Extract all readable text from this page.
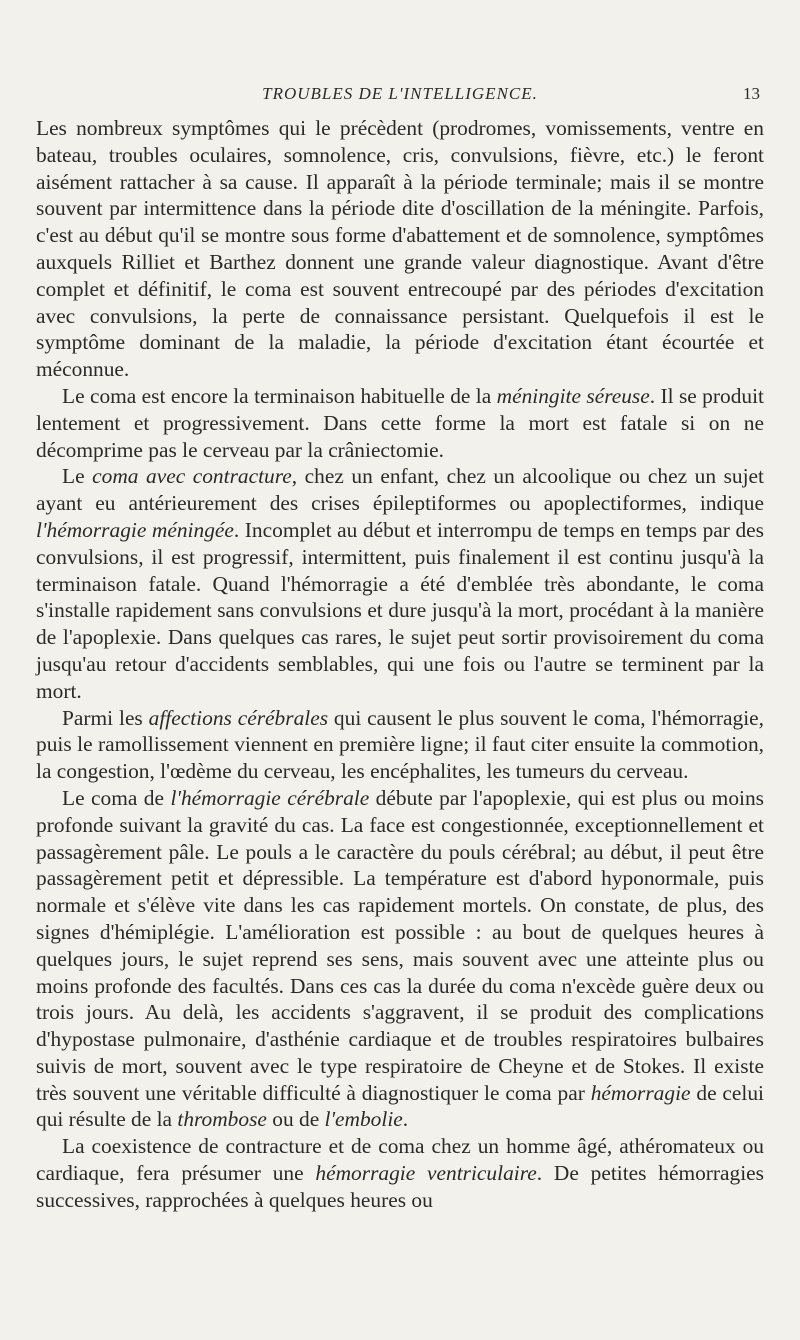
TROUBLES DE L'INTELLIGENCE.	13

Les nombreux symptômes qui le précèdent (prodromes, vomissements, ventre en bateau, troubles oculaires, somnolence, cris, convulsions, fièvre, etc.) le feront aisément rattacher à sa cause. Il apparaît à la période terminale; mais il se montre souvent par intermittence dans la période dite d'oscillation de la méningite. Parfois, c'est au début qu'il se montre sous forme d'abattement et de somnolence, symptômes auxquels Rilliet et Barthez donnent une grande valeur diagnostique. Avant d'être complet et définitif, le coma est souvent entrecoupé par des périodes d'excitation avec convulsions, la perte de connaissance persistant. Quelquefois il est le symptôme dominant de la maladie, la période d'excitation étant écourtée et méconnue.

Le coma est encore la terminaison habituelle de la méningite séreuse. Il se produit lentement et progressivement. Dans cette forme la mort est fatale si on ne décomprime pas le cerveau par la crâniectomie.

Le coma avec contracture, chez un enfant, chez un alcoolique ou chez un sujet ayant eu antérieurement des crises épileptiformes ou apoplectiformes, indique l'hémorragie méningée. Incomplet au début et interrompu de temps en temps par des convulsions, il est progressif, intermittent, puis finalement il est continu jusqu'à la terminaison fatale. Quand l'hémorragie a été d'emblée très abondante, le coma s'installe rapidement sans convulsions et dure jusqu'à la mort, procédant à la manière de l'apoplexie. Dans quelques cas rares, le sujet peut sortir provisoirement du coma jusqu'au retour d'accidents semblables, qui une fois ou l'autre se terminent par la mort.

Parmi les affections cérébrales qui causent le plus souvent le coma, l'hémorragie, puis le ramollissement viennent en première ligne; il faut citer ensuite la commotion, la congestion, l'œdème du cerveau, les encéphalites, les tumeurs du cerveau.

Le coma de l'hémorragie cérébrale débute par l'apoplexie, qui est plus ou moins profonde suivant la gravité du cas. La face est congestionnée, exceptionnellement et passagèrement pâle. Le pouls a le caractère du pouls cérébral; au début, il peut être passagèrement petit et dépressible. La température est d'abord hyponormale, puis normale et s'élève vite dans les cas rapidement mortels. On constate, de plus, des signes d'hémiplégie. L'amélioration est possible : au bout de quelques heures à quelques jours, le sujet reprend ses sens, mais souvent avec une atteinte plus ou moins profonde des facultés. Dans ces cas la durée du coma n'excède guère deux ou trois jours. Au delà, les accidents s'aggravent, il se produit des complications d'hypostase pulmonaire, d'asthénie cardiaque et de troubles respiratoires bulbaires suivis de mort, souvent avec le type respiratoire de Cheyne et de Stokes. Il existe très souvent une véritable difficulté à diagnostiquer le coma par hémorragie de celui qui résulte de la thrombose ou de l'embolie.

La coexistence de contracture et de coma chez un homme âgé, athéromateux ou cardiaque, fera présumer une hémorragie ventriculaire. De petites hémorragies successives, rapprochées à quelques heures ou
